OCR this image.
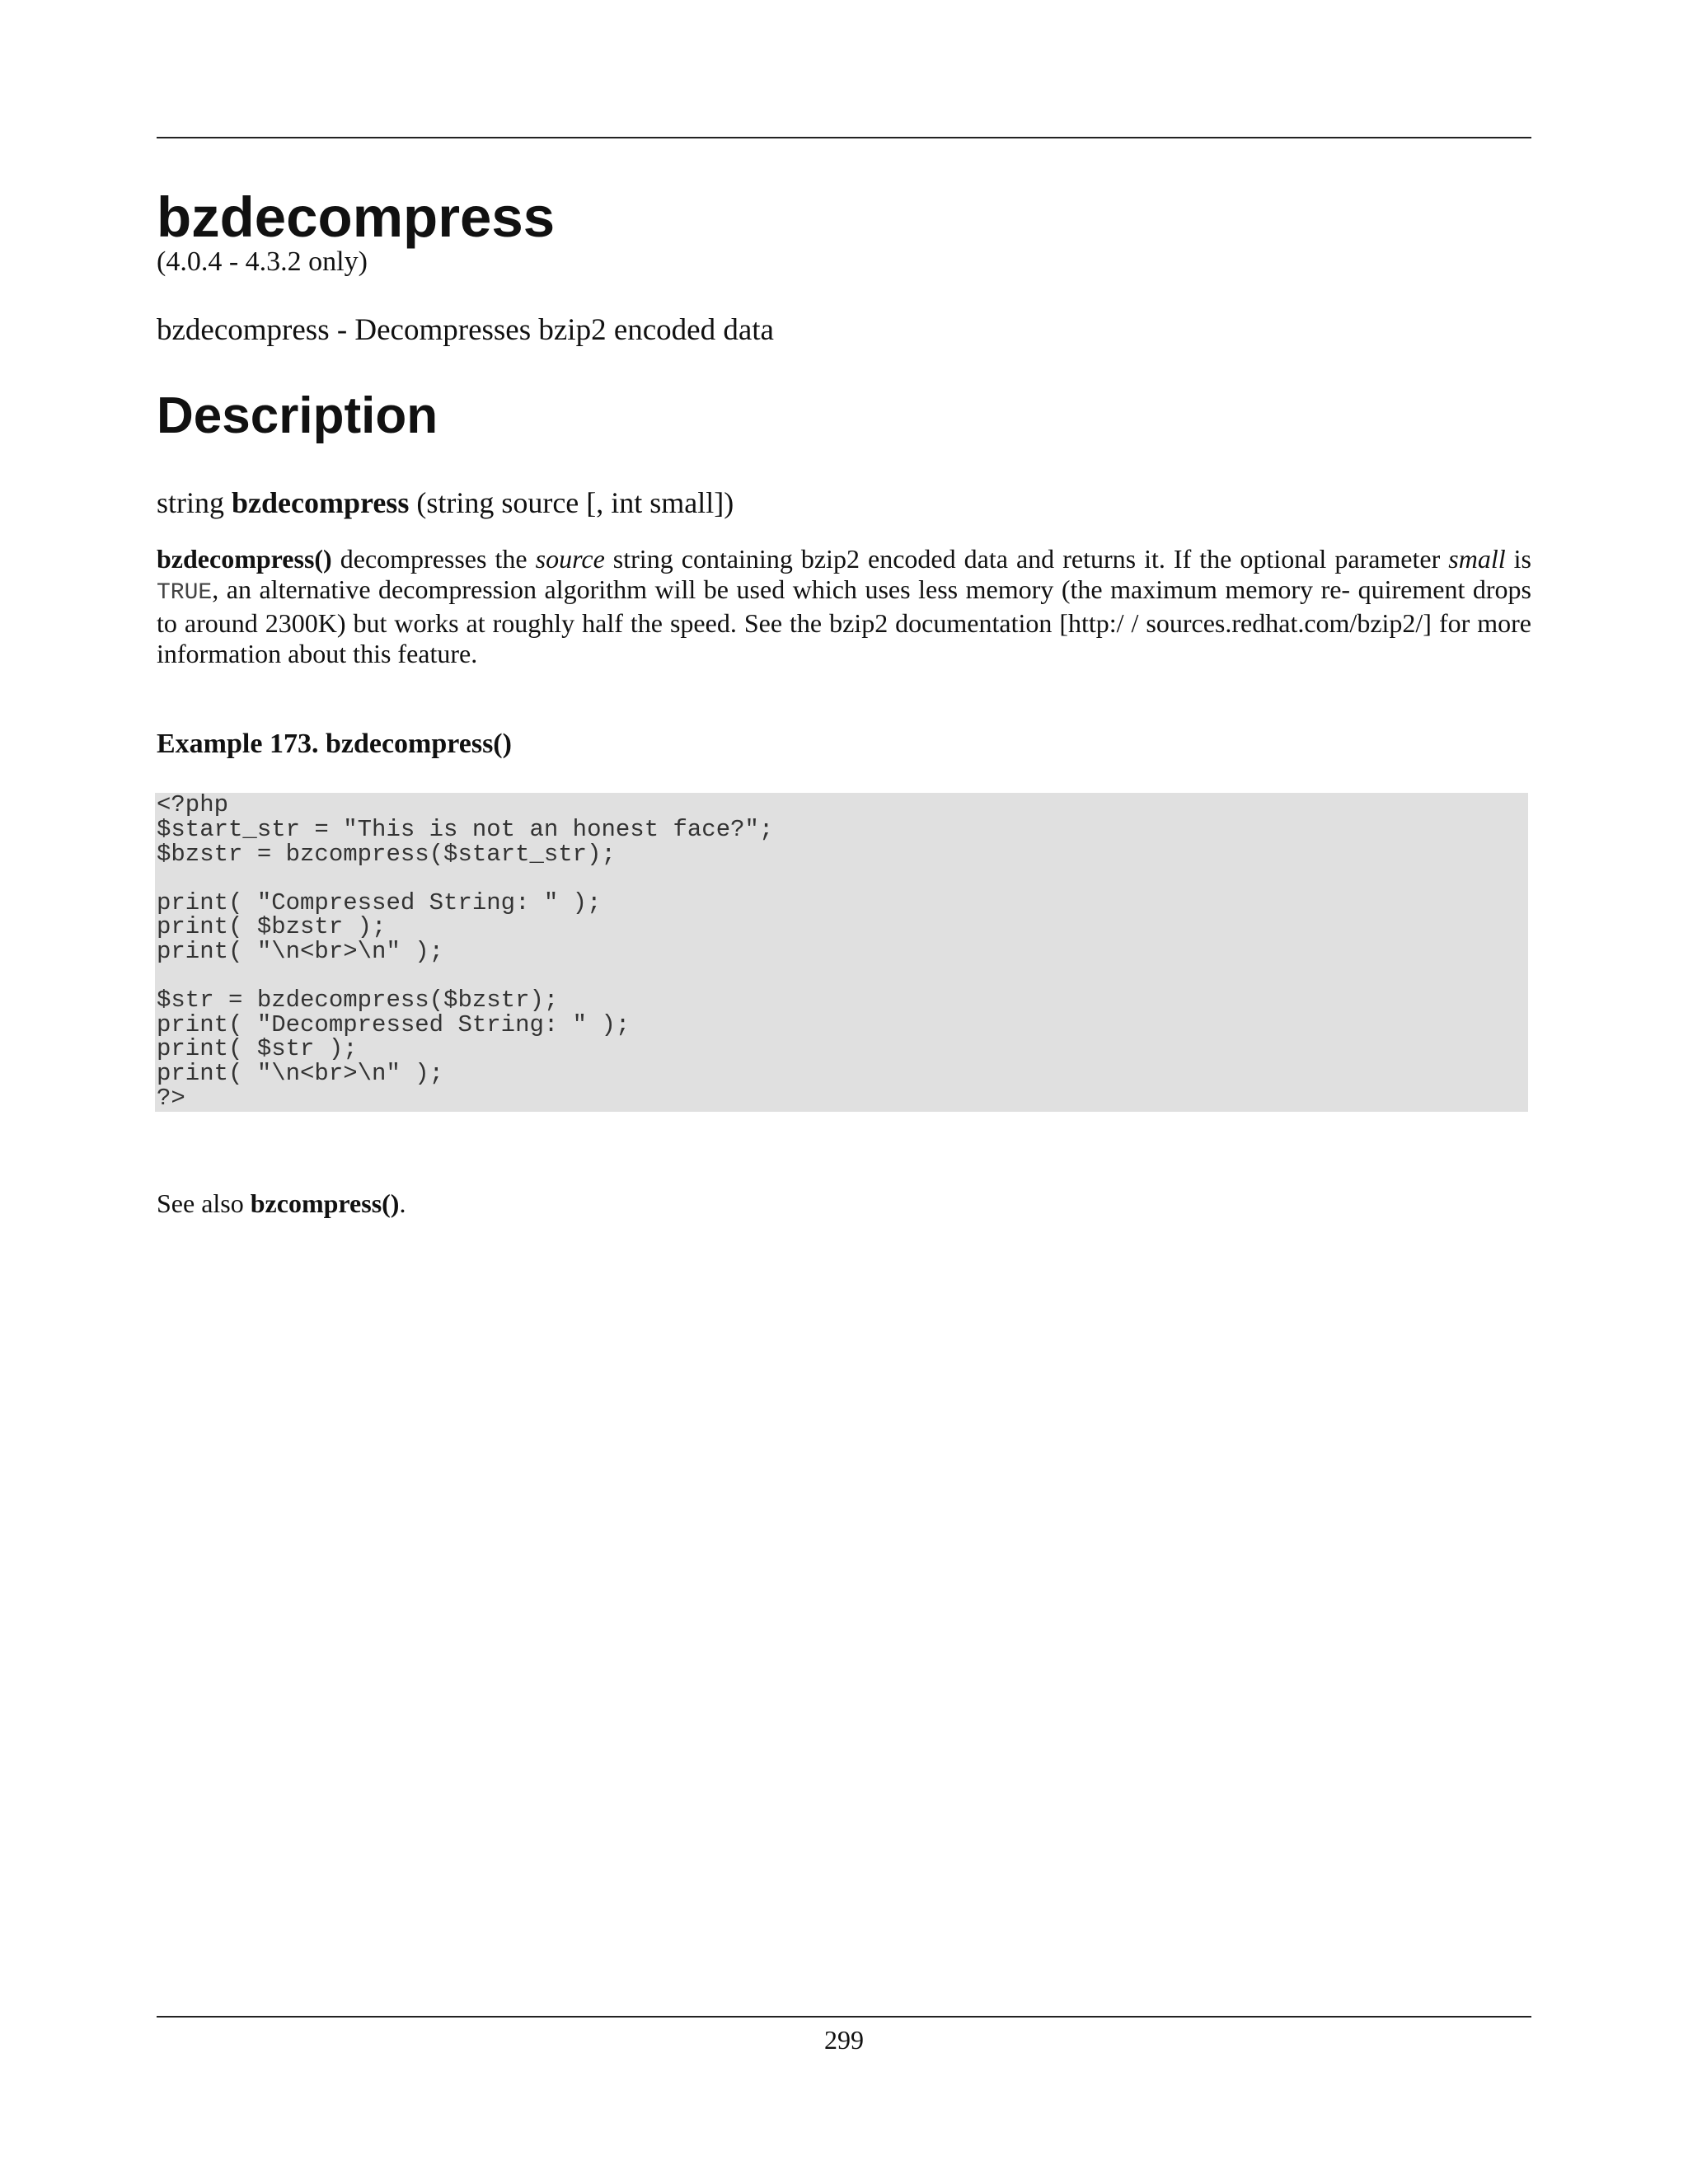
bzdecompress
(4.0.4 - 4.3.2 only)
bzdecompress - Decompresses bzip2 encoded data
Description
string bzdecompress (string source [, int small])
bzdecompress() decompresses the source string containing bzip2 encoded data and returns it. If the optional parameter small is TRUE, an alternative decompression algorithm will be used which uses less memory (the maximum memory re- quirement drops to around 2300K) but works at roughly half the speed. See the bzip2 documentation [http:/ / sources.redhat.com/bzip2/] for more information about this feature.
Example 173. bzdecompress()
<?php
$start_str = "This is not an honest face?";
$bzstr = bzcompress($start_str);

print( "Compressed String: " );
print( $bzstr );
print( "\n<br>\n" );

$str = bzdecompress($bzstr);
print( "Decompressed String: " );
print( $str );
print( "\n<br>\n" );
?>
See also bzcompress().
299
